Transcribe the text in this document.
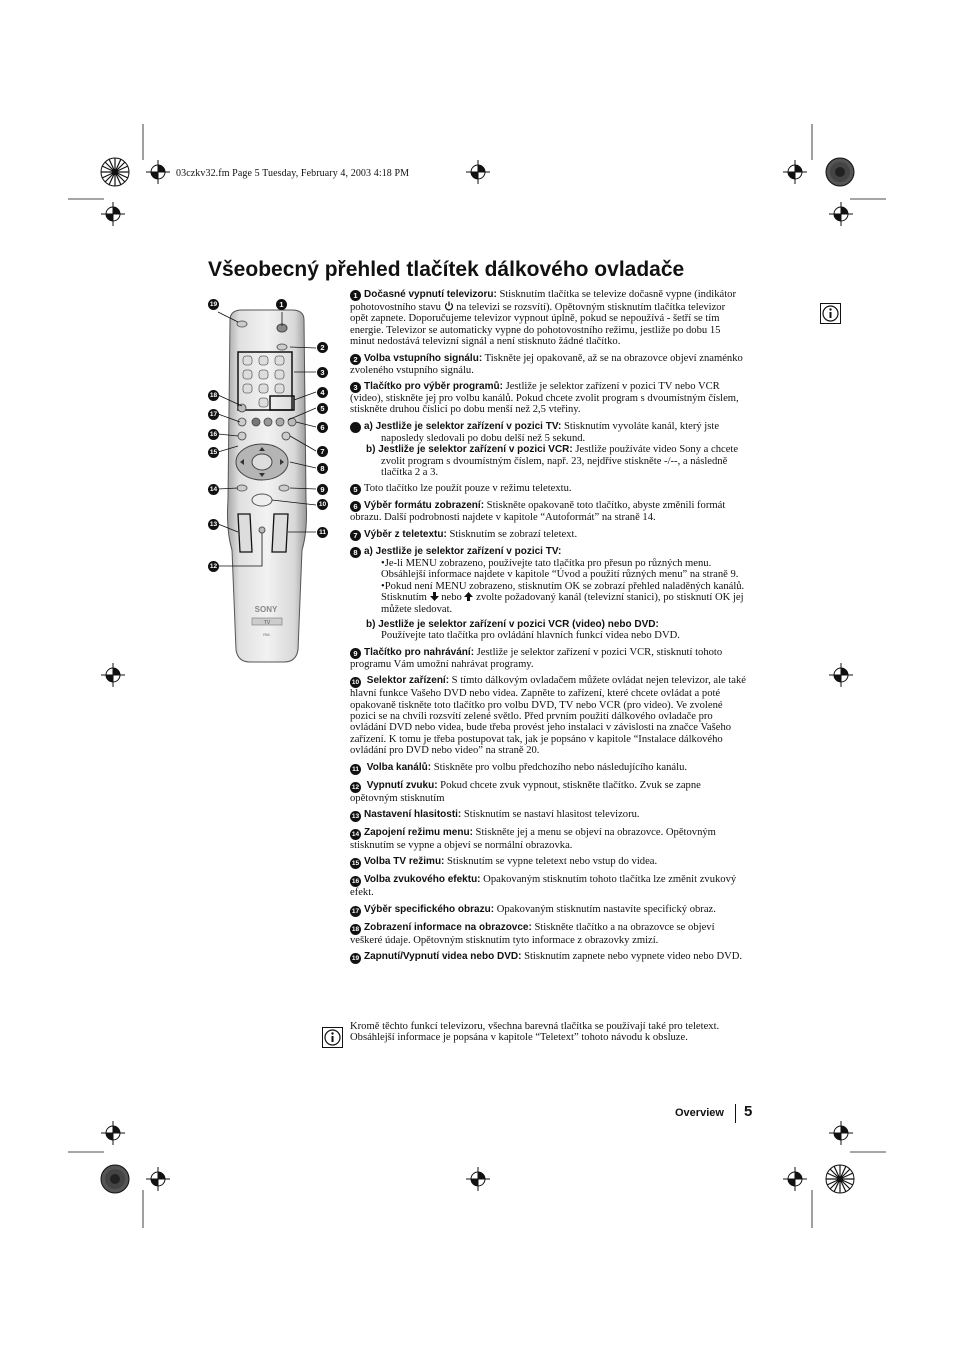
03czkv32.fm Page 5 Tuesday, February 4, 2003 4:18 PM
Všeobecný přehled tlačítek dálkového ovladače
SONY
TV
RM-
19
18
17
16
15
14
13
12
1
2
3
4
5
6
7
8
9
10
11
1 Dočasné vypnutí televizoru: Stisknutím tlačítka se televize dočasně vypne (indikátor pohotovostního stavu  na televizi se rozsvítí). Opětovným stisknutím tlačítka televizor opět zapnete. Doporučujeme televizor vypnout úplně, pokud se nepoužívá - šetří se tím energie. Televizor se automaticky vypne do pohotovostního režimu, jestliže po dobu 15 minut nedostává televizní signál a není stisknuto žádné tlačítko.
2 Volba vstupního signálu: Tiskněte jej opakovaně, až se na obrazovce objeví znaménko zvoleného vstupního signálu.
3 Tlačítko pro výběr programů: Jestliže je selektor zařízení v pozici TV nebo VCR (video), stiskněte jej pro volbu kanálů. Pokud chcete zvolit program s dvoumístným číslem, stiskněte druhou číslici po dobu menší než 2,5 vteřiny.
4 a) Jestliže je selektor zařízení v pozici TV: Stisknutím vyvoláte kanál, který jste naposledy sledovali po dobu delší než 5 sekund.
b) Jestliže je selektor zařízení v pozici VCR: Jestliže používáte video Sony a chcete zvolit program s dvoumístným číslem, např. 23, nejdříve stiskněte -/--, a následně tlačítka 2 a 3.
5 Toto tlačítko lze použít pouze v režimu teletextu.
6 Výběr formátu zobrazení: Stiskněte opakovaně toto tlačítko, abyste změnili formát obrazu. Další podrobnosti najdete v kapitole “Autoformát” na straně 14.
7 Výběr z teletextu: Stisknutím se zobrazí teletext.
8 a) Jestliže je selektor zařízení v pozici TV:
•Je-li MENU zobrazeno, používejte tato tlačítka pro přesun po různých menu. Obsáhlejší informace najdete v kapitole “Úvod a použití různých menu” na straně 9.
•Pokud není MENU zobrazeno, stisknutím OK se zobrazí přehled naladěných kanálů. Stisknutím  nebo  zvolte požadovaný kanál (televizní stanici), po stisknutí OK jej můžete sledovat.
b) Jestliže je selektor zařízení v pozici VCR (video) nebo DVD:
Používejte tato tlačítka pro ovládání hlavních funkcí videa nebo DVD.
9 Tlačítko pro nahrávání: Jestliže je selektor zařízení v pozici VCR, stisknutí tohoto programu Vám umožní nahrávat programy.
10 Selektor zařízení: S tímto dálkovým ovladačem můžete ovládat nejen televizor, ale také hlavní funkce Vašeho DVD nebo videa. Zapněte to zařízení, které chcete ovládat a poté opakovaně tiskněte toto tlačítko pro volbu DVD, TV nebo VCR (pro video). Ve zvolené pozici se na chvíli rozsvítí zelené světlo. Před prvním použití dálkového ovladače pro ovládání DVD nebo videa, bude třeba provést jeho instalaci v závislosti na značce Vašeho zařízení. K tomu je třeba postupovat tak, jak je popsáno v kapitole “Instalace dálkového ovládání pro DVD nebo video” na straně 20.
11 Volba kanálů: Stiskněte pro volbu předchozího nebo následujícího kanálu.
12 Vypnutí zvuku: Pokud chcete zvuk vypnout, stiskněte tlačítko. Zvuk se zapne opětovným stisknutím
13 Nastavení hlasitosti: Stisknutím se nastaví hlasitost televizoru.
14 Zapojení režimu menu: Stiskněte jej a menu se objeví na obrazovce. Opětovným stisknutím se vypne a objeví se normální obrazovka.
15 Volba TV režimu: Stisknutím se vypne teletext nebo vstup do videa.
16 Volba zvukového efektu: Opakovaným stisknutím tohoto tlačítka lze změnit zvukový efekt.
17 Výběr specifického obrazu: Opakovaným stisknutím nastavíte specifický obraz.
18 Zobrazení informace na obrazovce: Stiskněte tlačítko a na obrazovce se objeví veškeré údaje. Opětovným stisknutím tyto informace z obrazovky zmizí.
19 Zapnutí/Vypnutí videa nebo DVD: Stisknutím zapnete nebo vypnete video nebo DVD.
Kromě těchto funkcí televizoru, všechna barevná tlačítka se používají také pro teletext. Obsáhlejší informace je popsána v kapitole “Teletext” tohoto návodu k obsluze.
Overview 5
